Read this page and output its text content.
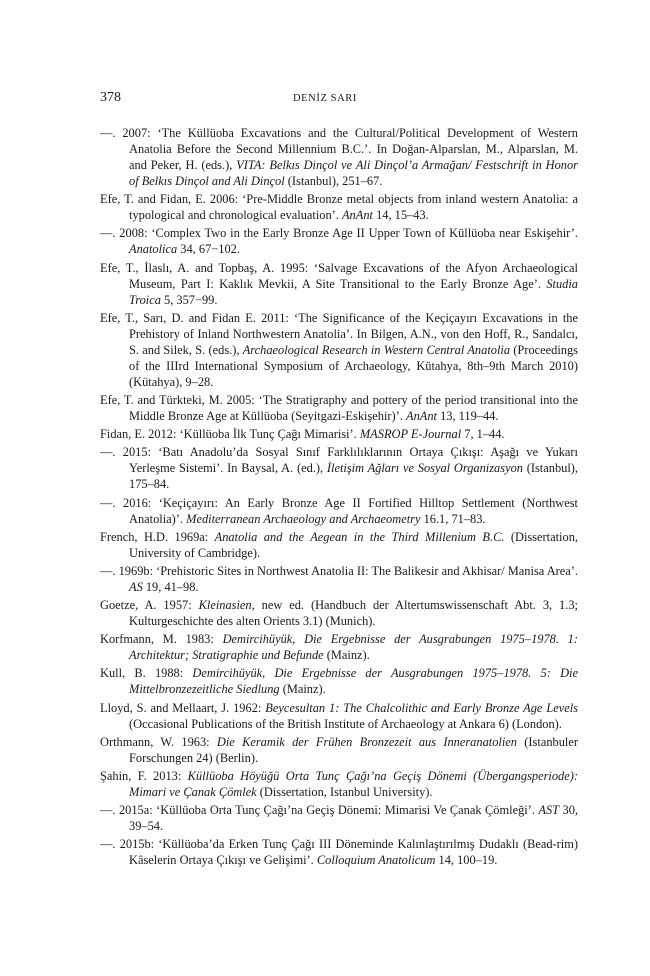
378	DENİZ SARI
—. 2007: ‘The Küllüoba Excavations and the Cultural/Political Development of Western Anatolia Before the Second Millennium B.C.’. In Doğan-Alparslan, M., Alparslan, M. and Peker, H. (eds.), VITA: Belkıs Dinçol ve Ali Dinçol’a Armağan/ Festschrift in Honor of Belkıs Dinçol and Ali Dinçol (Istanbul), 251–67.
Efe, T. and Fidan, E. 2006: ‘Pre-Middle Bronze metal objects from inland western Anatolia: a typological and chronological evaluation’. AnAnt 14, 15–43.
—. 2008: ‘Complex Two in the Early Bronze Age II Upper Town of Küllüoba near Eskişehir’. Anatolica 34, 67−102.
Efe, T., İlaslı, A. and Topbaş, A. 1995: ‘Salvage Excavations of the Afyon Archaeological Museum, Part I: Kaklık Mevkii, A Site Transitional to the Early Bronze Age’. Studia Troica 5, 357−99.
Efe, T., Sarı, D. and Fidan E. 2011: ‘The Significance of the Keçiçayırı Excavations in the Prehistory of Inland Northwestern Anatolia’. In Bilgen, A.N., von den Hoff, R., Sandalcı, S. and Silek, S. (eds.), Archaeological Research in Western Central Anatolia (Proceedings of the IIIrd International Symposium of Archaeology, Kütahya, 8th–9th March 2010) (Kütahya), 9–28.
Efe, T. and Türkteki, M. 2005: ‘The Stratigraphy and pottery of the period transitional into the Middle Bronze Age at Küllüoba (Seyitgazi-Eskişehir)’. AnAnt 13, 119–44.
Fidan, E. 2012: ‘Küllüoba İlk Tunç Çağı Mimarisi’. MASROP E-Journal 7, 1–44.
—. 2015: ‘Batı Anadolu’da Sosyal Sınıf Farklılıklarının Ortaya Çıkışı: Aşağı ve Yukarı Yerleşme Sistemi’. In Baysal, A. (ed.), İletişim Ağları ve Sosyal Organizasyon (Istanbul), 175–84.
—. 2016: ‘Keçiçayırı: An Early Bronze Age II Fortified Hilltop Settlement (Northwest Anatolia)’. Mediterranean Archaeology and Archaeometry 16.1, 71–83.
French, H.D. 1969a: Anatolia and the Aegean in the Third Millenium B.C. (Dissertation, University of Cambridge).
—. 1969b: ‘Prehistoric Sites in Northwest Anatolia II: The Balikesir and Akhisar/ Manisa Area’. AS 19, 41–98.
Goetze, A. 1957: Kleinasien, new ed. (Handbuch der Altertumswissenschaft Abt. 3, 1.3; Kulturgeschichte des alten Orients 3.1) (Munich).
Korfmann, M. 1983: Demircihüyük, Die Ergebnisse der Ausgrabungen 1975–1978. 1: Architektur; Stratigraphie und Befunde (Mainz).
Kull, B. 1988: Demircihüyük, Die Ergebnisse der Ausgrabungen 1975–1978. 5: Die Mittelbronzezeitliche Siedlung (Mainz).
Lloyd, S. and Mellaart, J. 1962: Beycesultan 1: The Chalcolithic and Early Bronze Age Levels (Occasional Publications of the British Institute of Archaeology at Ankara 6) (London).
Orthmann, W. 1963: Die Keramik der Frühen Bronzezeit aus Inneranatolien (Istanbuler Forschungen 24) (Berlin).
Şahin, F. 2013: Küllüoba Höyüğü Orta Tunç Çağı’na Geçiş Dönemi (Übergangsperiode): Mimari ve Çanak Çömlek (Dissertation, Istanbul University).
—. 2015a: ‘Küllüoba Orta Tunç Çağı’na Geçiş Dönemi: Mimarisi Ve Çanak Çömleği’. AST 30, 39–54.
—. 2015b: ‘Küllüoba’da Erken Tunç Çağı III Döneminde Kalınlaştırılmış Dudaklı (Bead-rim) Kâselerin Ortaya Çıkışı ve Gelişimi’. Colloquium Anatolicum 14, 100–19.
